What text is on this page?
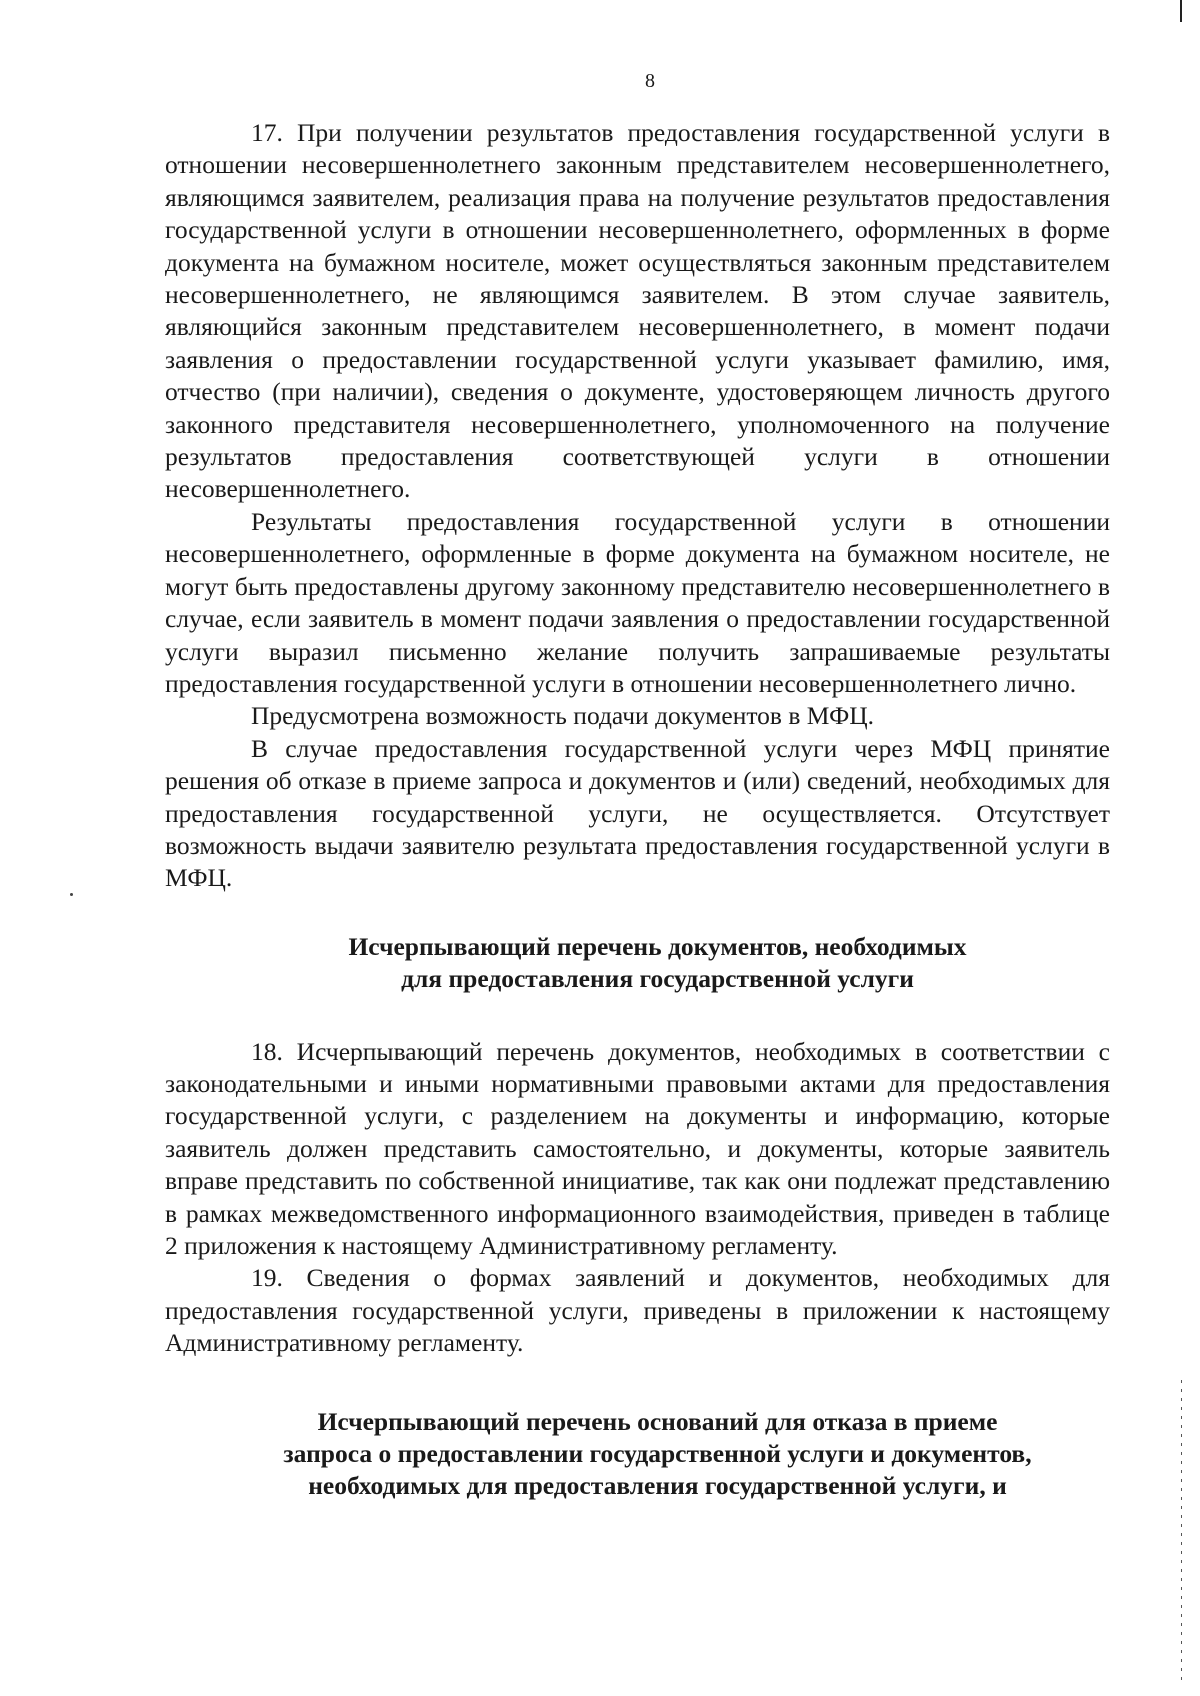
8

17. При получении результатов предоставления государственной услуги в отношении несовершеннолетнего законным представителем несовершеннолетнего, являющимся заявителем, реализация права на получение результатов предоставления государственной услуги в отношении несовершеннолетнего, оформленных в форме документа на бумажном носителе, может осуществляться законным представителем несовершеннолетнего, не являющимся заявителем. В этом случае заявитель, являющийся законным представителем несовершеннолетнего, в момент подачи заявления о предоставлении государственной услуги указывает фамилию, имя, отчество (при наличии), сведения о документе, удостоверяющем личность другого законного представителя несовершеннолетнего, уполномоченного на получение результатов предоставления соответствующей услуги в отношении несовершеннолетнего.

Результаты предоставления государственной услуги в отношении несовершеннолетнего, оформленные в форме документа на бумажном носителе, не могут быть предоставлены другому законному представителю несовершеннолетнего в случае, если заявитель в момент подачи заявления о предоставлении государственной услуги выразил письменно желание получить запрашиваемые результаты предоставления государственной услуги в отношении несовершеннолетнего лично.

Предусмотрена возможность подачи документов в МФЦ.

В случае предоставления государственной услуги через МФЦ принятие решения об отказе в приеме запроса и документов и (или) сведений, необходимых для предоставления государственной услуги, не осуществляется. Отсутствует возможность выдачи заявителю результата предоставления государственной услуги в МФЦ.

Исчерпывающий перечень документов, необходимых
для предоставления государственной услуги

18. Исчерпывающий перечень документов, необходимых в соответствии с законодательными и иными нормативными правовыми актами для предоставления государственной услуги, с разделением на документы и информацию, которые заявитель должен представить самостоятельно, и документы, которые заявитель вправе представить по собственной инициативе, так как они подлежат представлению в рамках межведомственного информационного взаимодействия, приведен в таблице 2 приложения к настоящему Административному регламенту.

19. Сведения о формах заявлений и документов, необходимых для предоставления государственной услуги, приведены в приложении к настоящему Административному регламенту.

Исчерпывающий перечень оснований для отказа в приеме
запроса о предоставлении государственной услуги и документов,
необходимых для предоставления государственной услуги, и
